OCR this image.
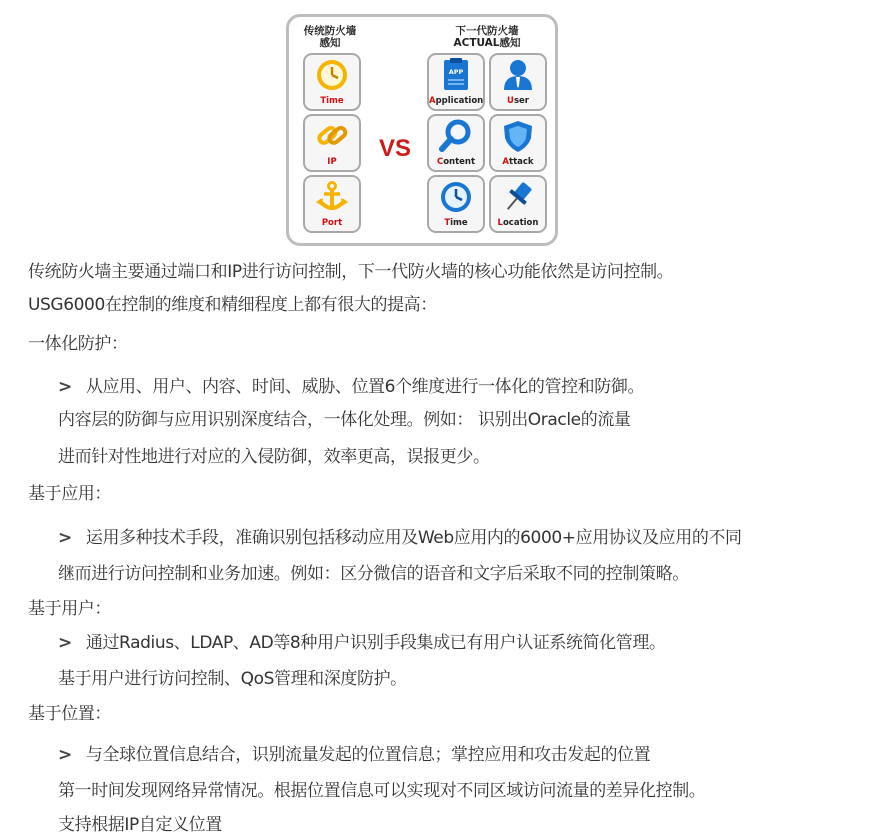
传统防火墙
感知
下一代防火墙
ACTUAL感知
Time
IP
Port
VS
APP
Application	User
Content	Attack
Time	Location
传统防火墙主要通过端口和IP进行访问控制，下一代防火墙的核心功能依然是访问控制。
USG6000在控制的维度和精细程度上都有很大的提高：
一体化防护：
> 从应用、用户、内容、时间、威胁、位置6个维度进行一体化的管控和防御。
内容层的防御与应用识别深度结合，一体化处理。例如： 识别出Oracle的流量
进而针对性地进行对应的入侵防御，效率更高，误报更少。
基于应用：
> 运用多种技术手段，准确识别包括移动应用及Web应用内的6000+应用协议及应用的不同
继而进行访问控制和业务加速。例如：区分微信的语音和文字后采取不同的控制策略。
基于用户：
> 通过Radius、LDAP、AD等8种用户识别手段集成已有用户认证系统简化管理。
基于用户进行访问控制、QoS管理和深度防护。
基于位置：
> 与全球位置信息结合，识别流量发起的位置信息；掌控应用和攻击发起的位置
第一时间发现网络异常情况。根据位置信息可以实现对不同区域访问流量的差异化控制。
支持根据IP自定义位置
